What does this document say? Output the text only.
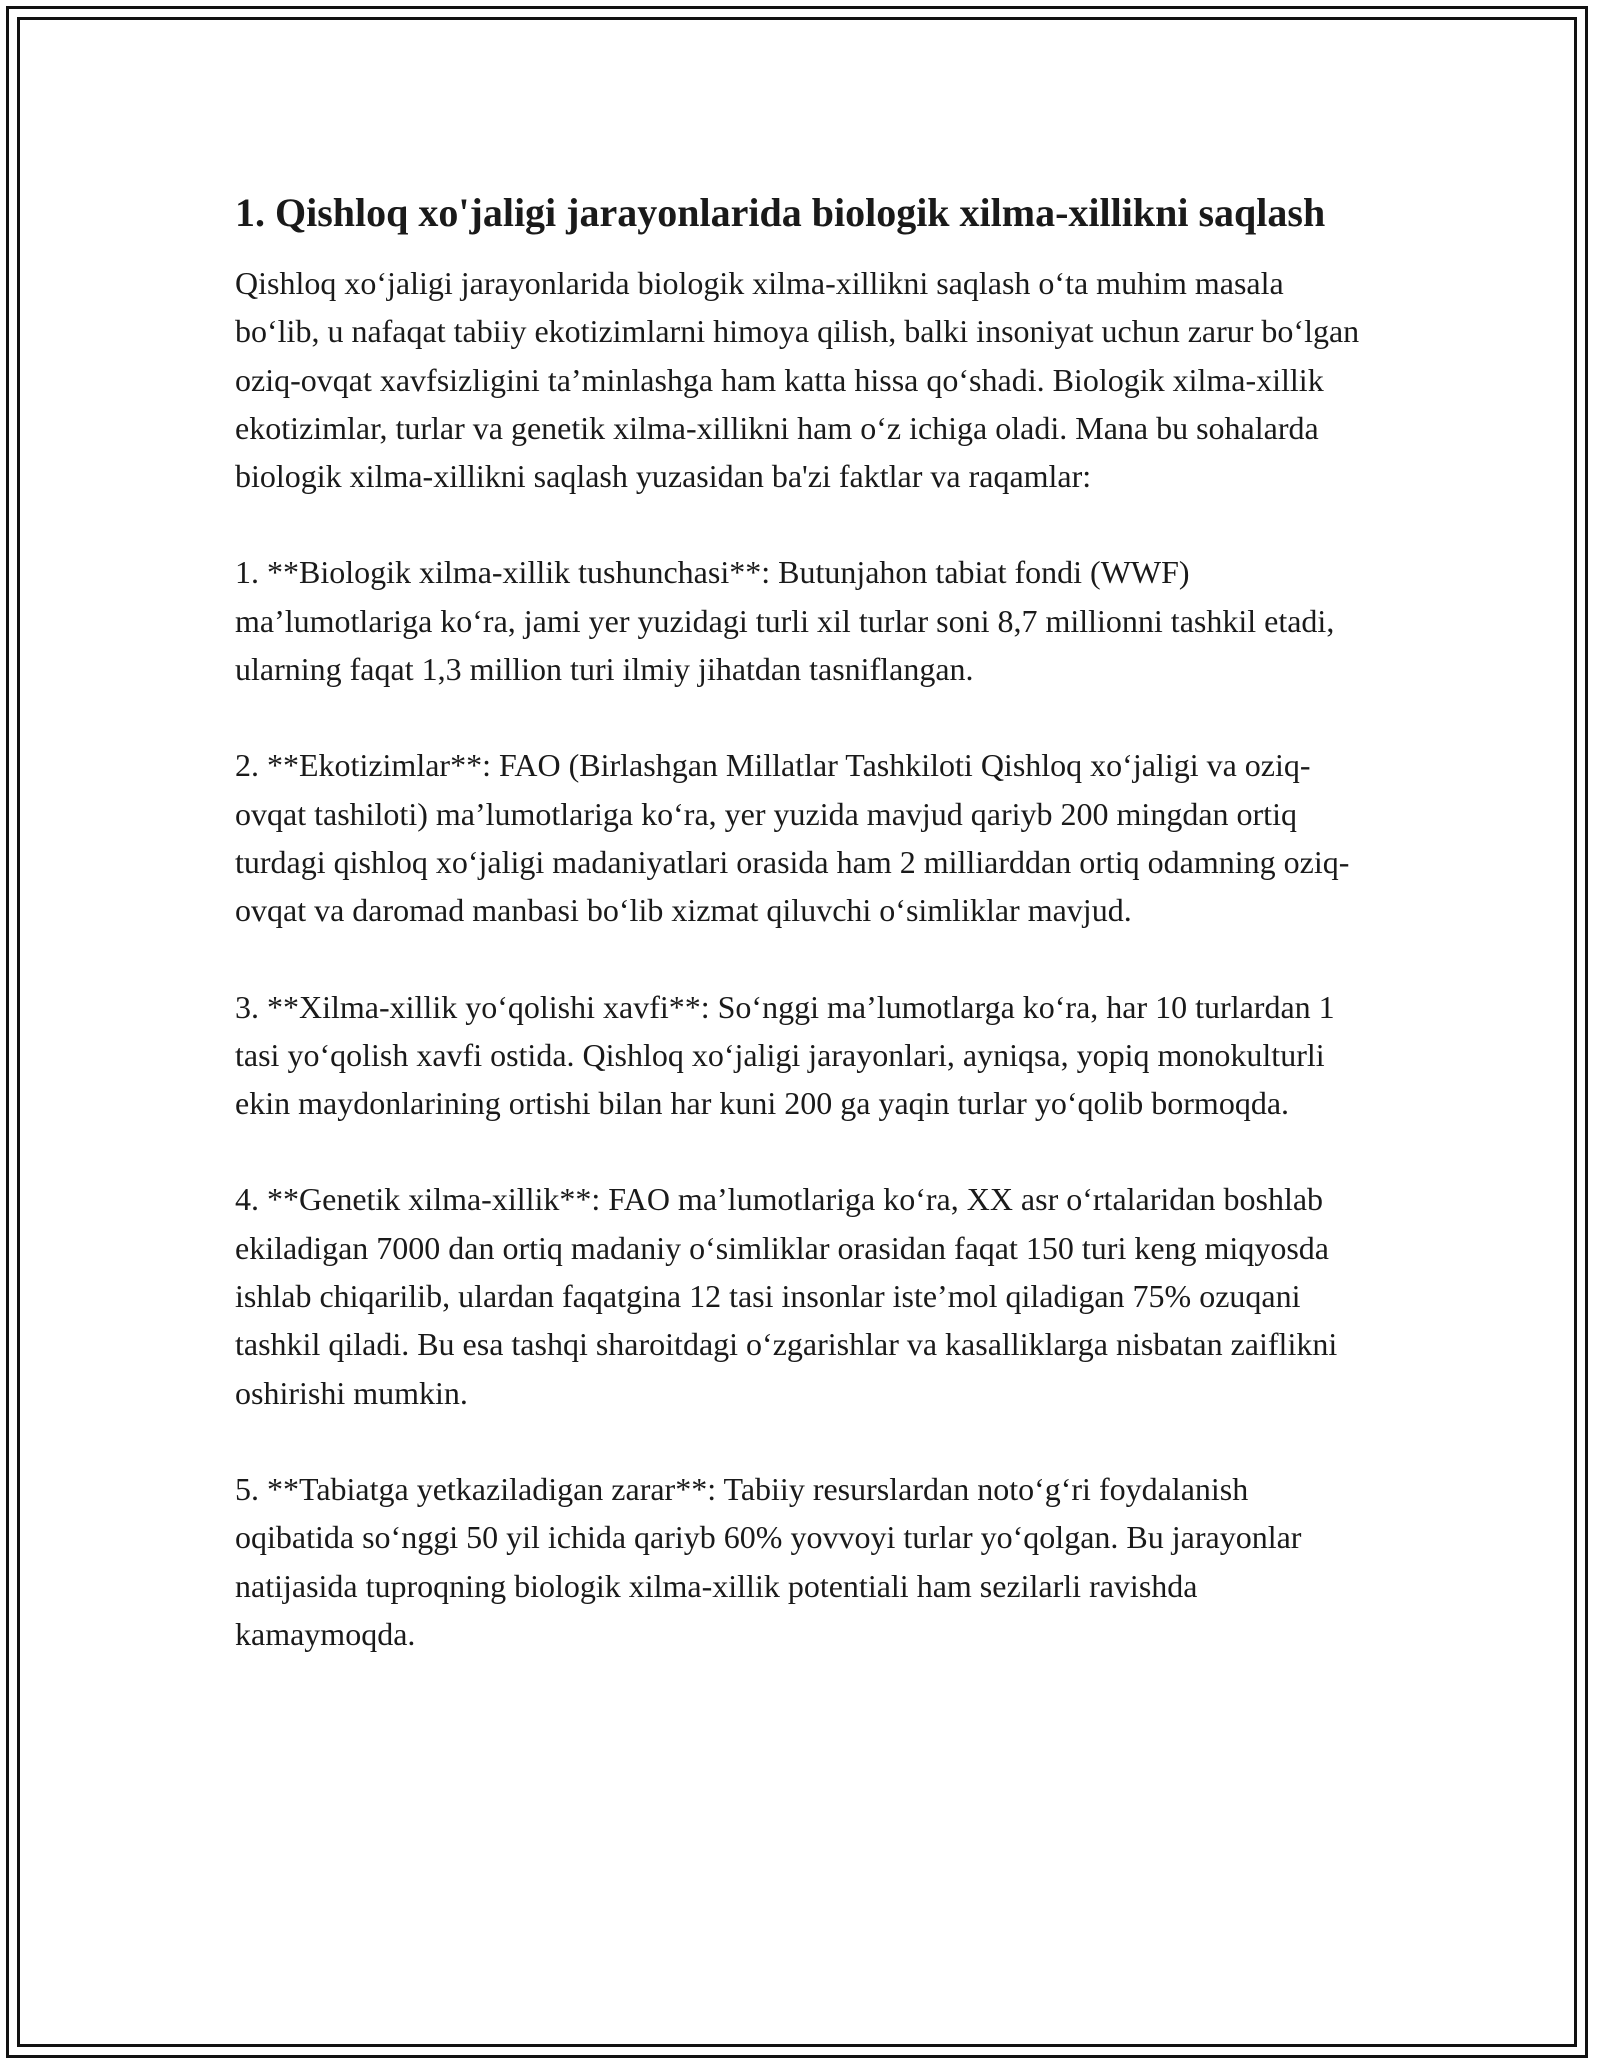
1. Qishloq xo'jaligi jarayonlarida biologik xilma-xillikni saqlash

Qishloq xo‘jaligi jarayonlarida biologik xilma-xillikni saqlash o‘ta muhim masala bo‘lib, u nafaqat tabiiy ekotizimlarni himoya qilish, balki insoniyat uchun zarur bo‘lgan oziq-ovqat xavfsizligini ta’minlashga ham katta hissa qo‘shadi. Biologik xilma-xillik ekotizimlar, turlar va genetik xilma-xillikni ham o‘z ichiga oladi. Mana bu sohalarda biologik xilma-xillikni saqlash yuzasidan ba'zi faktlar va raqamlar:

1. **Biologik xilma-xillik tushunchasi**: Butunjahon tabiat fondi (WWF) ma’lumotlariga ko‘ra, jami yer yuzidagi turli xil turlar soni 8,7 millionni tashkil etadi, ularning faqat 1,3 million turi ilmiy jihatdan tasniflangan.

2. **Ekotizimlar**: FAO (Birlashgan Millatlar Tashkiloti Qishloq xo‘jaligi va oziq-ovqat tashiloti) ma’lumotlariga ko‘ra, yer yuzida mavjud qariyb 200 mingdan ortiq turdagi qishloq xo‘jaligi madaniyatlari orasida ham 2 milliarddan ortiq odamning oziq-ovqat va daromad manbasi bo‘lib xizmat qiluvchi o‘simliklar mavjud.

3. **Xilma-xillik yo‘qolishi xavfi**: So‘nggi ma’lumotlarga ko‘ra, har 10 turlardan 1 tasi yo‘qolish xavfi ostida. Qishloq xo‘jaligi jarayonlari, ayniqsa, yopiq monokulturli ekin maydonlarining ortishi bilan har kuni 200 ga yaqin turlar yo‘qolib bormoqda.

4. **Genetik xilma-xillik**: FAO ma’lumotlariga ko‘ra, XX asr o‘rtalaridan boshlab ekiladigan 7000 dan ortiq madaniy o‘simliklar orasidan faqat 150 turi keng miqyosda ishlab chiqarilib, ulardan faqatgina 12 tasi insonlar iste’mol qiladigan 75% ozuqani tashkil qiladi. Bu esa tashqi sharoitdagi o‘zgarishlar va kasalliklarga nisbatan zaiflikni oshirishi mumkin.

5. **Tabiatga yetkaziladigan zarar**: Tabiiy resurslardan noto‘g‘ri foydalanish oqibatida so‘nggi 50 yil ichida qariyb 60% yovvoyi turlar yo‘qolgan. Bu jarayonlar natijasida tuproqning biologik xilma-xillik potentiali ham sezilarli ravishda kamaymoqda.
